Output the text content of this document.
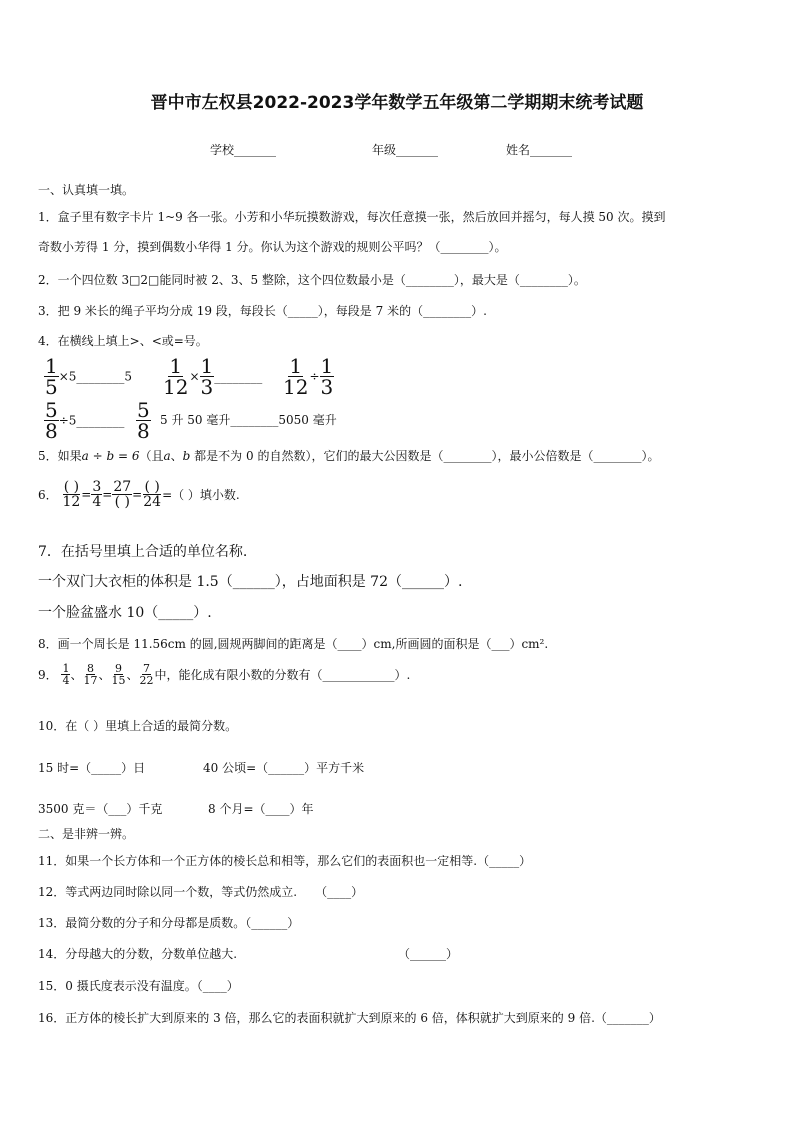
晋中市左权县2022-2023学年数学五年级第二学期期末统考试题
学校_______	年级_______	姓名_______
一、认真填一填。
1．盒子里有数字卡片 1~9 各一张。小芳和小华玩摸数游戏，每次任意摸一张，然后放回并摇匀，每人摸 50 次。摸到
奇数小芳得 1 分，摸到偶数小华得 1 分。你认为这个游戏的规则公平吗？（________）。
2．一个四位数 3□2□能同时被 2、3、5 整除，这个四位数最小是（________），最大是（________）。
3．把 9 米长的绳子平均分成 19 段，每段长（_____），每段是 7 米的（________）.
4．在横线上填上>、<或=号。
$\frac{1}{5}$ ×5________5 $\frac{1}{12} \times \frac{1}{3}$ ________ $\frac{1}{12} \div \frac{1}{3}$
$\frac{5}{8}$ ÷5________ $\frac{5}{8} 5$ 升 50 毫升________5050 毫升
5．如果a ÷ b = 6（且a、b 都是不为 0 的自然数），它们的最大公因数是（________），最小公倍数是（________）。
6． $\frac{( )}{12} = \frac{3}{4} = \frac{27}{( )} = \frac{( )}{24}$ =（ ）填小数.
7．在括号里填上合适的单位名称.
一个双门大衣柜的体积是 1.5（______），占地面积是 72（______）.
一个脸盆盛水 10（_____）.
8．画一个周长是 11.56cm 的圆,圆规两脚间的距离是（____）cm,所画圆的面积是（___）cm².
9． $\frac{1}{4}$ 、 $\frac{8}{17}$ 、 $\frac{9}{15}$ 、 $\frac{7}{22}$ 中，能化成有限小数的分数有（____________）.
10．在（ ）里填上合适的最简分数。
15 时=（_____）日	40 公顷=（______）平方千米
3500 克＝（___）千克	8 个月=（____）年
二、是非辨一辨。
11．如果一个长方体和一个正方体的棱长总和相等，那么它们的表面积也一定相等.（_____）
12．等式两边同时除以同一个数，等式仍然成立.　　（____）
13．最简分数的分子和分母都是质数。（______）
14．分母越大的分数，分数单位越大.	（______）
15．0 摄氏度表示没有温度。（____）
16．正方体的棱长扩大到原来的 3 倍，那么它的表面积就扩大到原来的 6 倍，体积就扩大到原来的 9 倍.（_______）
